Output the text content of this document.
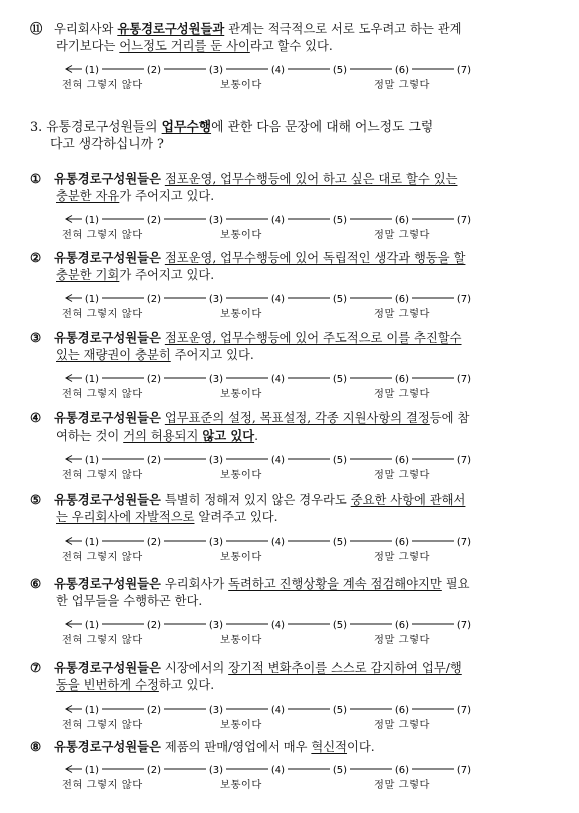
⑪ 우리회사와 유통경로구성원들과 관계는 적극적으로 서로 도우려고 하는 관계
라기보다는 어느정도 거리를 둔 사이라고 할수 있다.
(1)	(2)	(3)	(4)	(5)	(6)	(7)
전혀 그렇지 않다	보통이다	정말 그렇다
3. 유통경로구성원들의 업무수행에 관한 다음 문장에 대해 어느정도 그렇
다고 생각하십니까 ?
①	유통경로구성원들은 점포운영, 업무수행등에 있어 하고 싶은 대로 할수 있는
충분한 자유가 주어지고 있다.
(1)	(2)	(3)	(4)	(5)	(6)	(7)
전혀 그렇지 않다	보통이다	정말 그렇다
②	유통경로구성원들은 점포운영, 업무수행등에 있어 독립적인 생각과 행동을 할
충분한 기회가 주어지고 있다.
(1)	(2)	(3)	(4)	(5)	(6)	(7)
전혀 그렇지 않다	보통이다	정말 그렇다
③	유통경로구성원들은 점포운영, 업무수행등에 있어 주도적으로 이를 추진할수
있는 재량권이 충분히 주어지고 있다.
(1)	(2)	(3)	(4)	(5)	(6)	(7)
전혀 그렇지 않다	보통이다	정말 그렇다
④	유통경로구성원들은 업무표준의 설정, 목표설정, 각종 지원사항의 결정등에 참
여하는 것이 거의 허용되지 않고 있다.
(1)	(2)	(3)	(4)	(5)	(6)	(7)
전혀 그렇지 않다	보통이다	정말 그렇다
⑤	유통경로구성원들은 특별히 정해져 있지 않은 경우라도 중요한 사항에 관해서
는 우리회사에 자발적으로 알려주고 있다.
(1)	(2)	(3)	(4)	(5)	(6)	(7)
전혀 그렇지 않다	보통이다	정말 그렇다
⑥	유통경로구성원들은 우리회사가 독려하고 진행상황을 계속 점검해야지만 필요
한 업무들을 수행하곤 한다.
(1)	(2)	(3)	(4)	(5)	(6)	(7)
전혀 그렇지 않다	보통이다	정말 그렇다
⑦	유통경로구성원들은 시장에서의 장기적 변화추이를 스스로 감지하여 업무/행
동을 빈번하게 수정하고 있다.
(1)	(2)	(3)	(4)	(5)	(6)	(7)
전혀 그렇지 않다	보통이다	정말 그렇다
⑧	유통경로구성원들은 제품의 판매/영업에서 매우 혁신적이다.
(1)	(2)	(3)	(4)	(5)	(6)	(7)
전혀 그렇지 않다	보통이다	정말 그렇다
